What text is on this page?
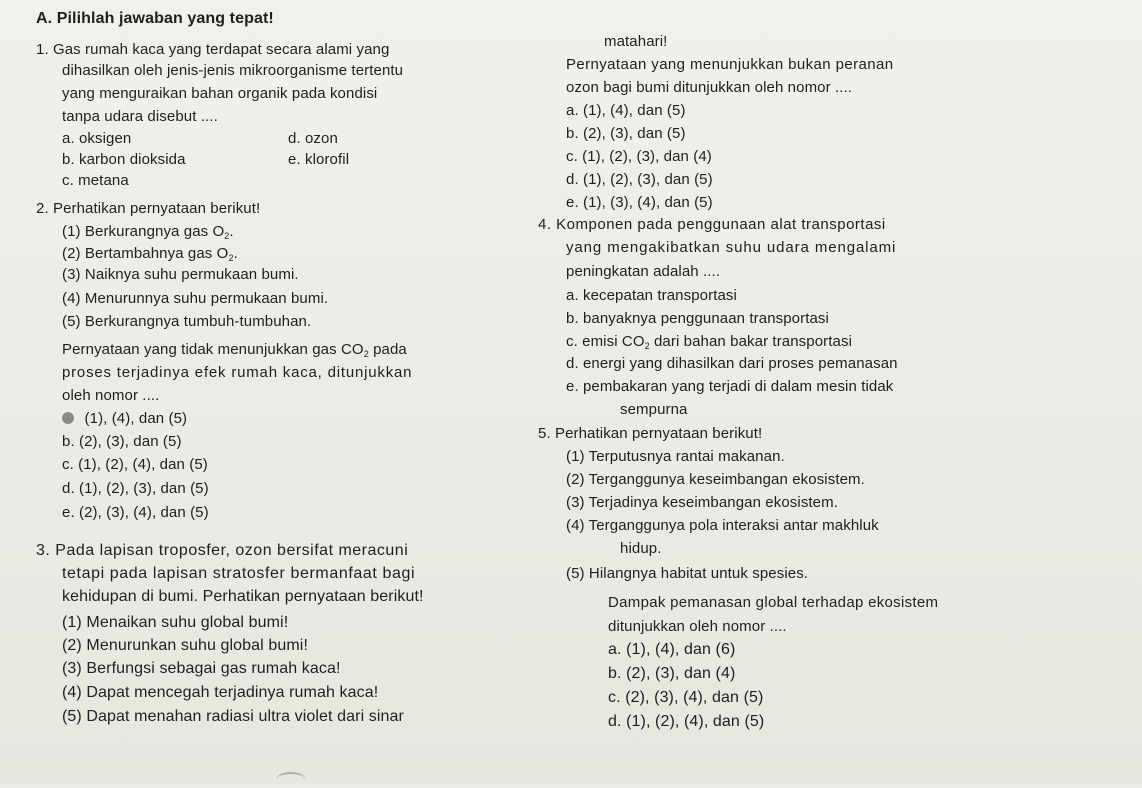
A. Pilihlah jawaban yang tepat!
1. Gas rumah kaca yang terdapat secara alami yang
dihasilkan oleh jenis-jenis mikroorganisme tertentu
yang menguraikan bahan organik pada kondisi
tanpa udara disebut ....
a. oksigen	d. ozon
b. karbon dioksida	e. klorofil
c. metana
2. Perhatikan pernyataan berikut!
(1) Berkurangnya gas $O_2$.
(2) Bertambahnya gas $O_2$.
(3) Naiknya suhu permukaan bumi.
(4) Menurunnya suhu permukaan bumi.
(5) Berkurangnya tumbuh-tumbuhan.
Pernyataan yang tidak menunjukkan gas $CO_2$ pada
proses terjadinya efek rumah kaca, ditunjukkan
oleh nomor ....
(1), (4), dan (5)
b. (2), (3), dan (5)
c. (1), (2), (4), dan (5)
d. (1), (2), (3), dan (5)
e. (2), (3), (4), dan (5)
3. Pada lapisan troposfer, ozon bersifat meracuni
tetapi pada lapisan stratosfer bermanfaat bagi
kehidupan di bumi. Perhatikan pernyataan berikut!
(1) Menaikan suhu global bumi!
(2) Menurunkan suhu global bumi!
(3) Berfungsi sebagai gas rumah kaca!
(4) Dapat mencegah terjadinya rumah kaca!
(5) Dapat menahan radiasi ultra violet dari sinar
matahari!
Pernyataan yang menunjukkan bukan peranan
ozon bagi bumi ditunjukkan oleh nomor ....
a. (1), (4), dan (5)
b. (2), (3), dan (5)
c. (1), (2), (3), dan (4)
d. (1), (2), (3), dan (5)
e. (1), (3), (4), dan (5)
4. Komponen pada penggunaan alat transportasi
yang mengakibatkan suhu udara mengalami
peningkatan adalah ....
a. kecepatan transportasi
b. banyaknya penggunaan transportasi
c. emisi $CO_2$ dari bahan bakar transportasi
d. energi yang dihasilkan dari proses pemanasan
e. pembakaran yang terjadi di dalam mesin tidak
sempurna
5. Perhatikan pernyataan berikut!
(1) Terputusnya rantai makanan.
(2) Terganggunya keseimbangan ekosistem.
(3) Terjadinya keseimbangan ekosistem.
(4) Terganggunya pola interaksi antar makhluk
hidup.
(5) Hilangnya habitat untuk spesies.
Dampak pemanasan global terhadap ekosistem
ditunjukkan oleh nomor ....
a. (1), (4), dan (6)
b. (2), (3), dan (4)
c. (2), (3), (4), dan (5)
d. (1), (2), (4), dan (5)
